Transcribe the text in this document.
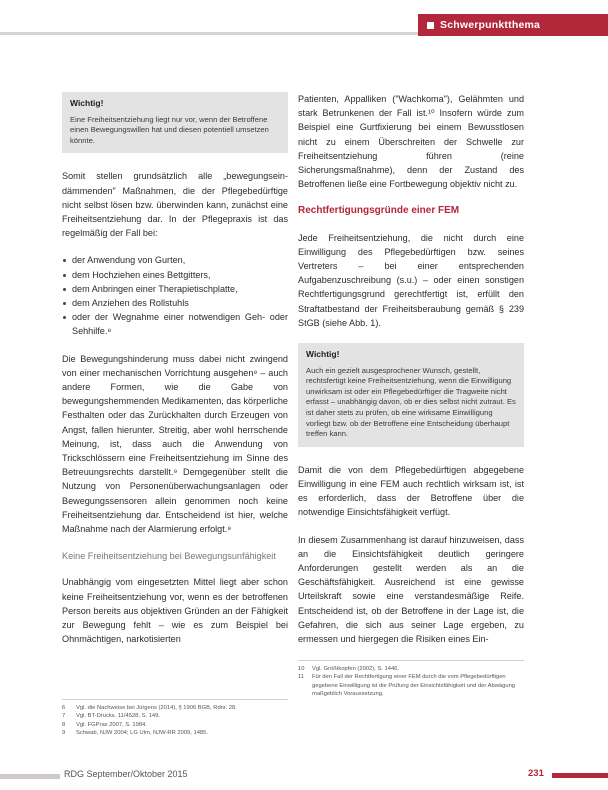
Schwerpunktthema
Wichtig!
Eine Freiheitsentziehung liegt nur vor, wenn der Betroffene einen Bewegungswillen hat und diesen potentiell umsetzen könnte.

Somit stellen grundsätzlich alle „bewegungseindämmenden" Maßnahmen, die der Pflegebedürftige nicht selbst lösen bzw. überwinden kann, zunächst eine Freiheitsentziehung dar. In der Pflegepraxis ist das regelmäßig der Fall bei:

der Anwendung von Gurten,
dem Hochziehen eines Bettgitters,
dem Anbringen einer Therapietischplatte,
dem Anziehen des Rollstuhls
oder der Wegnahme einer notwendigen Geh- oder Sehhilfe.⁸

Die Bewegungshinderung muss dabei nicht zwingend von einer mechanischen Vorrichtung ausgehen⁹ – auch andere Formen, wie die Gabe von bewegungshemmenden Medikamenten, das körperliche Festhalten oder das Zurückhalten durch Erzeugen von Angst, fallen hierunter. Streitig, aber wohl herrschende Meinung, ist, dass auch die Anwendung von Trickschlössern eine Freiheitsentziehung im Sinne des Betreuungsrechts darstellt.⁹ Demgegenüber stellt die Nutzung von Personenüberwachungsanlagen oder Bewegungssensoren allein genommen noch keine Freiheitsentziehung dar. Entscheidend ist hier, welche Maßnahme nach der Alarmierung erfolgt.⁹

Keine Freiheitsentziehung bei Bewegungsunfähigkeit

Unabhängig vom eingesetzten Mittel liegt aber schon keine Freiheitsentziehung vor, wenn es der betroffenen Person bereits aus objektiven Gründen an der Fähigkeit zur Bewegung fehlt – wie es zum Beispiel bei Ohnmächtigen, narkotisierten

Patienten, Appalliken ("Wachkoma"), Gelähmten und stark Betrunkenen der Fall ist.¹⁰ Insofern würde zum Beispiel eine Gurtfixierung bei einem Bewusstlosen nicht zu einem Überschreiten der Schwelle zur Freiheitsentziehung führen (reine Sicherungsmaßnahme), denn der Zustand des Betroffenen ließe eine Fortbewegung objektiv nicht zu.

Rechtfertigungsgründe einer FEM

Jede Freiheitsentziehung, die nicht durch eine Einwilligung des Pflegebedürftigen bzw. seines Vertreters – bei einer entsprechenden Aufgabenzuschreibung (s.u.) – oder einen sonstigen Rechtfertigungsgrund gerechtfertigt ist, erfüllt den Straftatbestand der Freiheitsberaubung gemäß § 239 StGB (siehe Abb. 1).

Wichtig!
Auch ein gezielt ausgesprochener Wunsch, gestellt, rechtsfertigt keine Freiheitsentziehung, wenn die Einwilligung unwirksam ist oder ein Pflegebedürftiger die Tragweite nicht erfasst – unabhängig davon, ob er dies selbst nicht zutraut. Es ist daher stets zu prüfen, ob eine wirksame Einwilligung vorliegt bzw. ob der Betroffene eine Entscheidung überhaupt treffen kann.

Damit die von dem Pflegebedürftigen abgegebene Einwilligung in eine FEM auch rechtlich wirksam ist, ist es erforderlich, dass der Betroffene über die notwendige Einsichtsfähigkeit verfügt.

In diesem Zusammenhang ist darauf hinzuweisen, dass an die Einsichtsfähigkeit deutlich geringere Anforderungen gestellt werden als an die Geschäftsfähigkeit. Ausreichend ist eine gewisse Urteilskraft sowie eine verstandesmäßige Reife. Entscheidend ist, ob der Betroffene in der Lage ist, die Gefahren, die sich aus seiner Lage ergeben, zu ermessen und hiergegen die Risiken eines Ein-

6	Vgl. die Nachweise bei Jürgens (2014), § 1906 BGB, Rdnr. 28.
7	Vgl. BT-Drucks. 11/4528, S. 149.
8	Vgl. FGPrax 2007, S. 1984.
9	Schwab, NJW 2004; LG Ulm, NJW-RR 2009, 1485.
10	Vgl. Größtkopfen (2002), S. 1446.
11	Für den Fall der Rechtfertigung einer FEM durch die vom Pflegebedürftigen gegebene Einwilligung ist die Prüfung der Einsichtsfähigkeit und der Abwägung maßgeblich Voraussetzung.
RDG September/Oktober 2015	231
